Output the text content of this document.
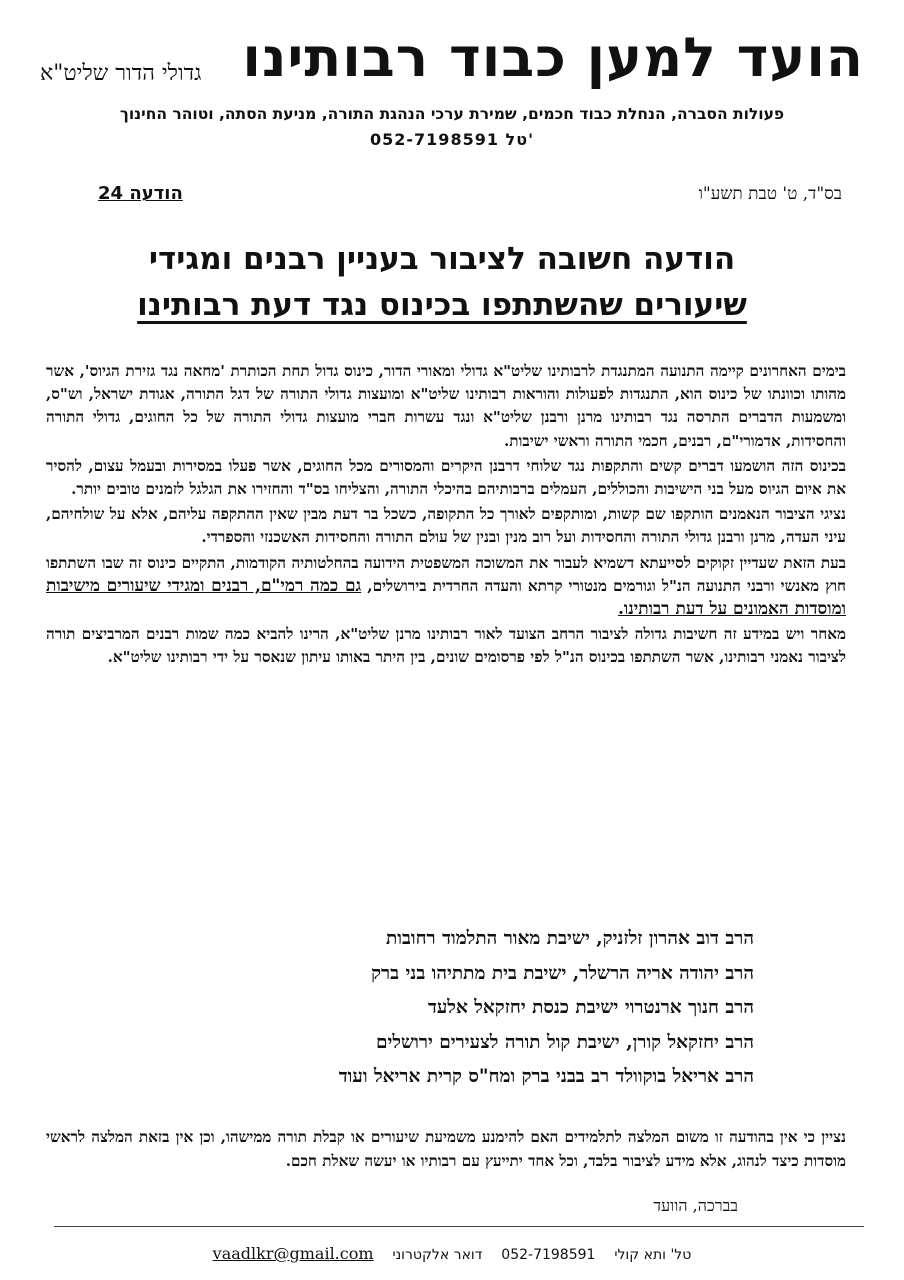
הועד למען כבוד רבותינו
גדולי הדור שליט"א
פעולות הסברה, הנחלת כבוד חכמים, שמירת ערכי הנהגת התורה, מניעת הסתה, וטוהר החינוך
טל' 052-7198591
בס"ד, ט' טבת תשע"ו
הודעה 24
הודעה חשובה לציבור בעניין רבנים ומגידי
שיעורים שהשתתפו בכינוס נגד דעת רבותינו

בימים האחרונים קיימה התנועה המתנגדת לרבותינו שליט"א גדולי ומאורי הדור, כינוס גדול תחת הכותרת 'מחאה נגד גזירת הגיוס', אשר מהותו וכוונתו של כינוס הוא, התנגדות לפעולות והוראות רבותינו שליט"א ומועצות גדולי התורה של דגל התורה, אגודת ישראל, וש"ס, ומשמעות הדברים התרסה נגד רבותינו מרנן ורבנן שליט"א ונגד עשרות חברי מועצות גדולי התורה של כל החוגים, גדולי התורה והחסידות, אדמורי"ם, רבנים, חכמי התורה וראשי ישיבות.

בכינוס הזה הושמעו דברים קשים והתקפות נגד שלוחי דרבנן היקרים והמסורים מכל החוגים, אשר פעלו במסירות ובעמל עצום, להסיר את איום הגיוס מעל בני הישיבות והכוללים, העמלים ברבותיהם בהיכלי התורה, והצליחו בס"ד והחזירו את הגלגל לזמנים טובים יותר.

נציגי הציבור הנאמנים הותקפו שם קשות, ומותקפים לאורך כל התקופה, כשכל בר דעת מבין שאין ההתקפה עליהם, אלא על שולחיהם, עיני העדה, מרנן ורבנן גדולי התורה והחסידות ועל רוב מנין ובנין של עולם התורה והחסידות האשכנזי והספרדי.

בעת הזאת שעדיין זקוקים לסייעתא דשמיא לעבור את המשוכה המשפטית הידועה בהחלטותיה הקודמות, התקיים כינוס זה שבו השתתפו חוץ מאנשי ורבני התנועה הנ"ל וגורמים מנטורי קרתא והעדה החרדית בירושלים, גם כמה רמי"ם, רבנים ומגידי שיעורים מישיבות ומוסדות האמונים על דעת רבותינו.

מאחר ויש במידע זה חשיבות גדולה לציבור הרחב הצועד לאור רבותינו מרנן שליט"א, הרינו להביא כמה שמות רבנים המרביצים תורה לציבור נאמני רבותינו, אשר השתתפו בכינוס הנ"ל לפי פרסומים שונים, בין היתר באותו עיתון שנאסר על ידי רבותינו שליט"א.

הרב דוב אהרון זלזניק, ישיבת מאור התלמוד רחובות
הרב יהודה אריה הרשלר, ישיבת בית מתתיהו בני ברק
הרב חנוך ארנטרוי ישיבת כנסת יחזקאל אלעד
הרב יחזקאל קורן, ישיבת קול תורה לצעירים ירושלים
הרב אריאל בוקוולד רב בבני ברק ומח"ס קרית אריאל ועוד
נציין כי אין בהודעה זו משום המלצה לתלמידים האם להימנע משמיעת שיעורים או קבלת תורה ממישהו, וכן אין בזאת המלצה לראשי מוסדות כיצד לנהוג, אלא מידע לציבור בלבד, וכל אחד יתייעץ עם רבותיו או יעשה שאלת חכם.
בברכה, הוועד
טל' ותא קולי  052-7198591  דואר אלקטרוני  vaadlkr@gmail.com
